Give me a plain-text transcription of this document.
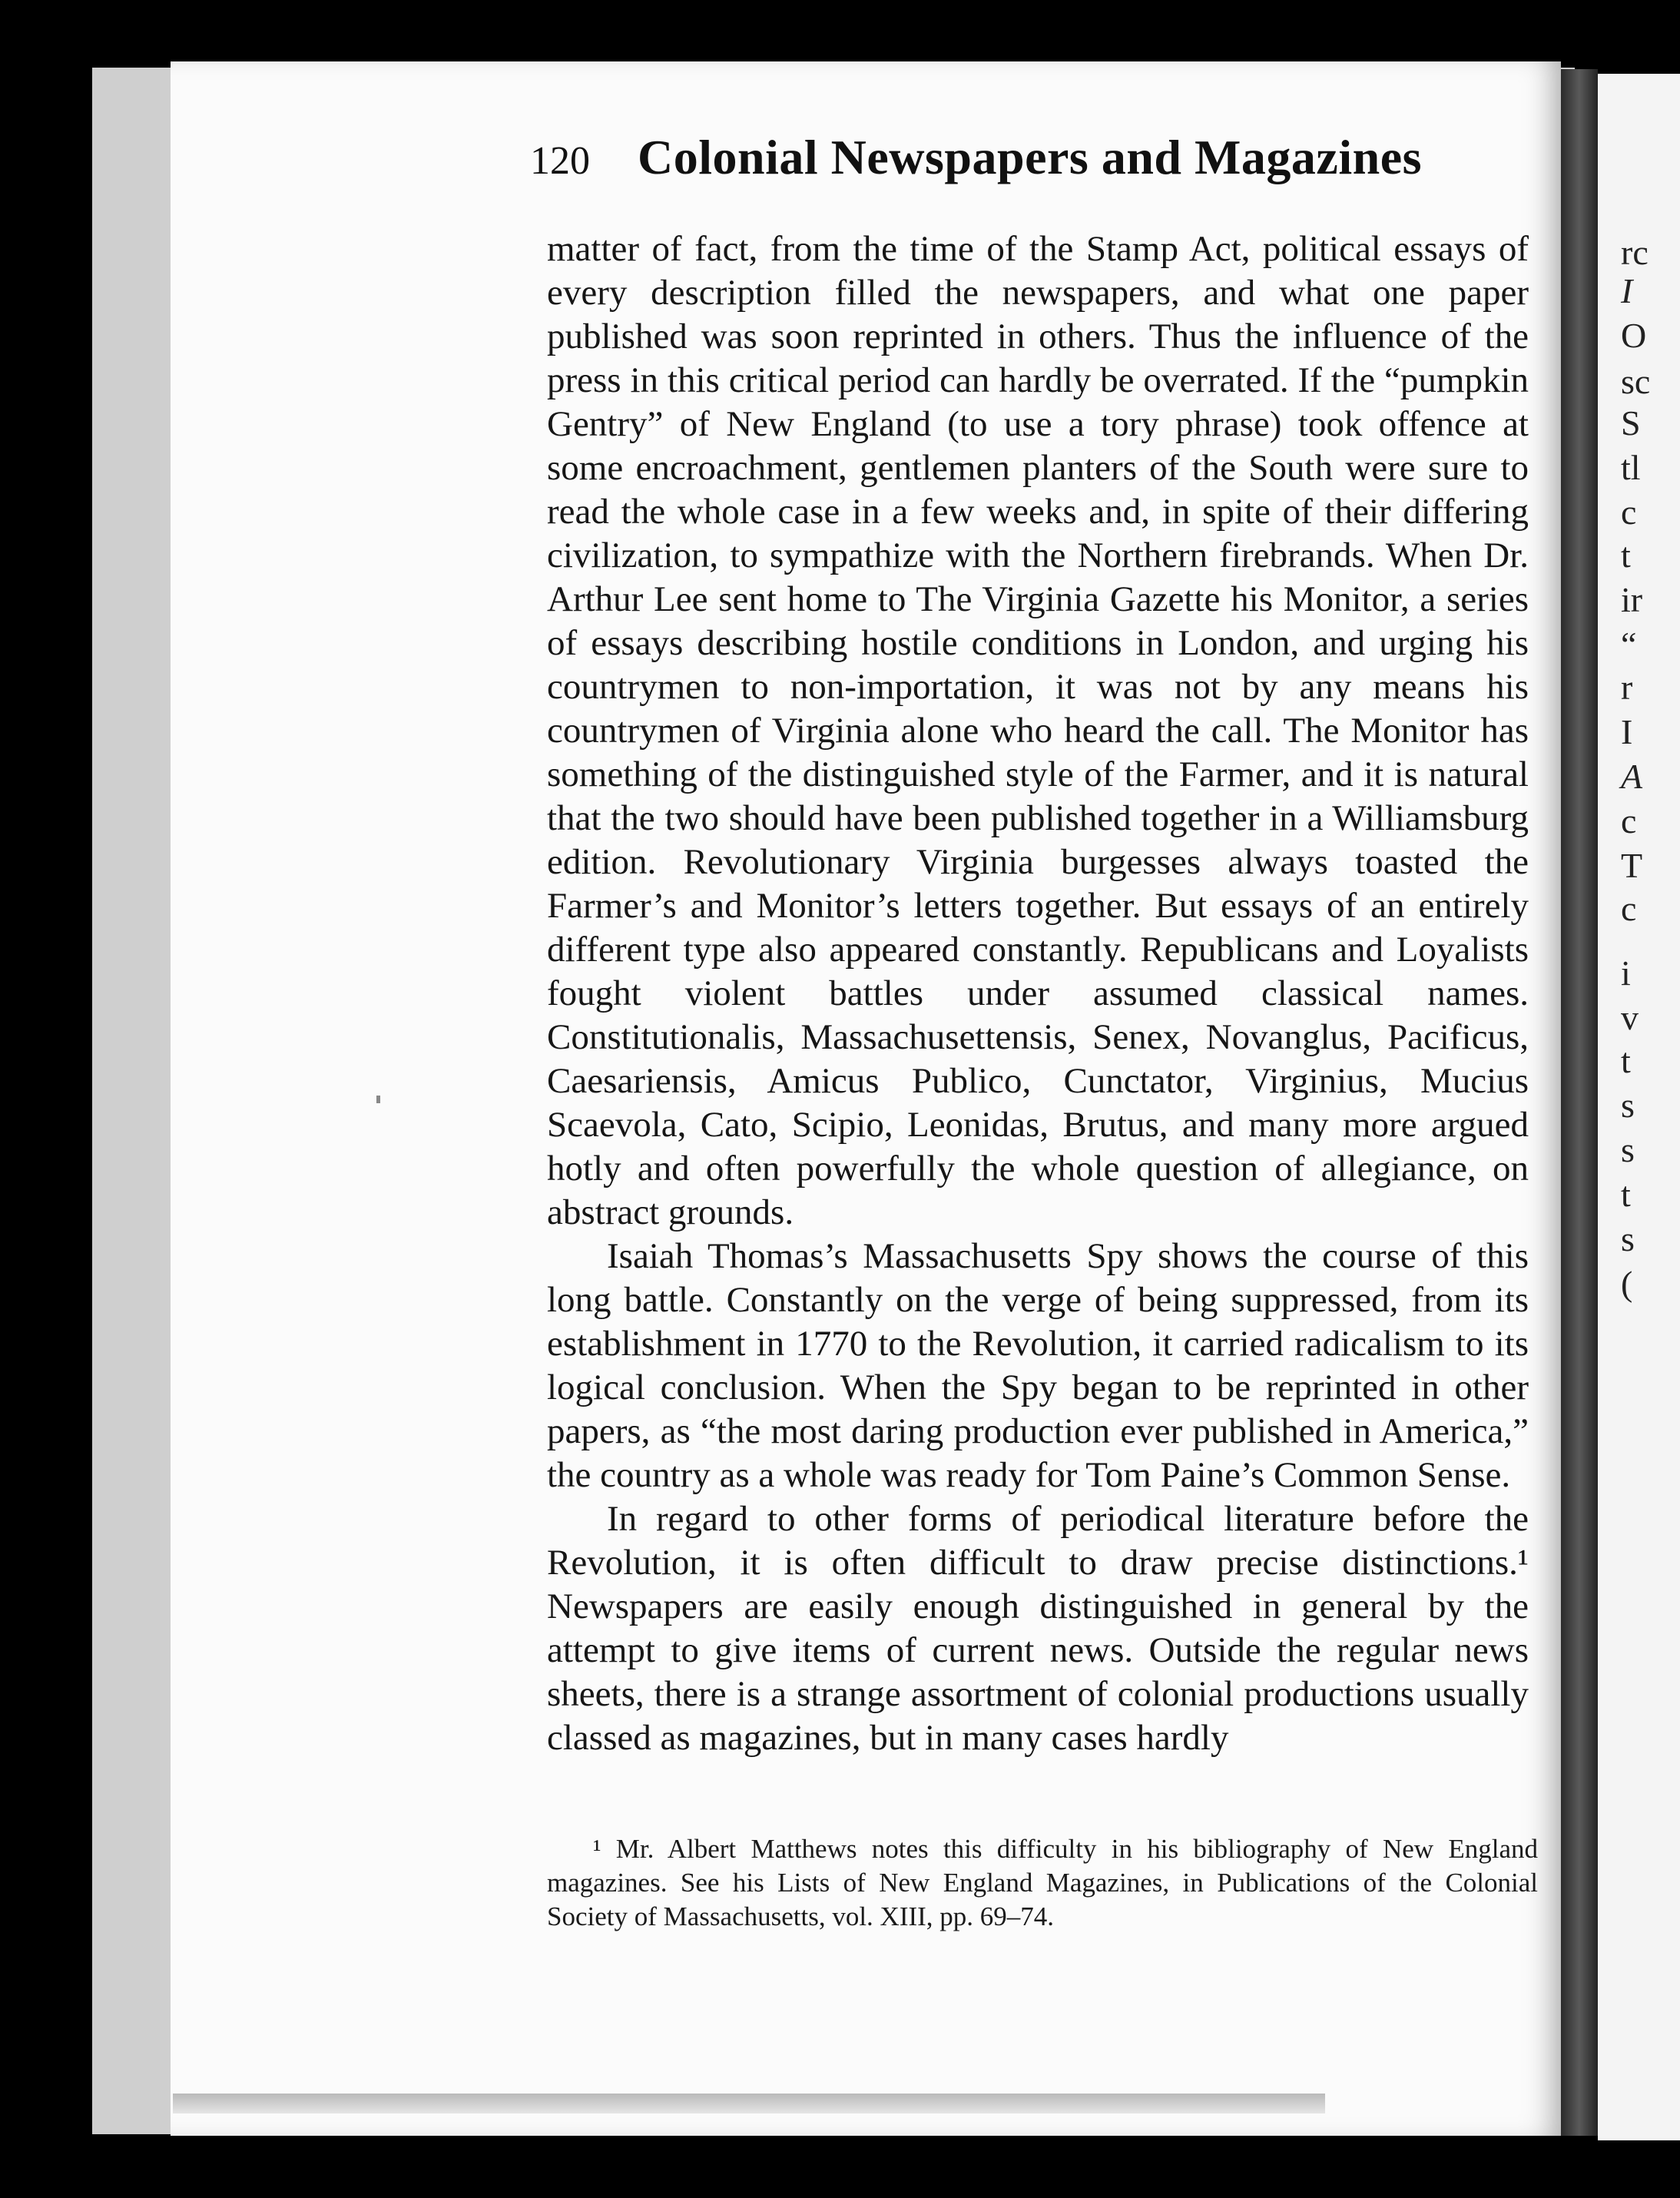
rc
I
O
sc
S
tl
c
t
ir
“
r
I
A
c
T
c
i
v
t
s
s
t
s
(
120 Colonial Newspapers and Magazines

matter of fact, from the time of the Stamp Act, political essays of every description filled the newspapers, and what one paper published was soon reprinted in others. Thus the influence of the press in this critical period can hardly be overrated. If the “pumpkin Gentry” of New England (to use a tory phrase) took offence at some encroachment, gentlemen planters of the South were sure to read the whole case in a few weeks and, in spite of their differing civilization, to sympathize with the Northern firebrands. When Dr. Arthur Lee sent home to The Virginia Gazette his Monitor, a series of essays describing hostile conditions in London, and urging his countrymen to non-importation, it was not by any means his countrymen of Virginia alone who heard the call. The Monitor has something of the distinguished style of the Farmer, and it is natural that the two should have been published together in a Williamsburg edition. Revolutionary Virginia burgesses always toasted the Farmer’s and Monitor’s letters together. But essays of an entirely different type also appeared constantly. Republicans and Loyalists fought violent battles under assumed classical names. Constitutionalis, Massachusettensis, Senex, Novanglus, Pacificus, Caesariensis, Amicus Publico, Cunctator, Virginius, Mucius Scaevola, Cato, Scipio, Leonidas, Brutus, and many more argued hotly and often powerfully the whole question of allegiance, on abstract grounds.

Isaiah Thomas’s Massachusetts Spy shows the course of this long battle. Constantly on the verge of being suppressed, from its establishment in 1770 to the Revolution, it carried radicalism to its logical conclusion. When the Spy began to be reprinted in other papers, as “the most daring production ever published in America,” the country as a whole was ready for Tom Paine’s Common Sense.

In regard to other forms of periodical literature before the Revolution, it is often difficult to draw precise distinctions.¹ Newspapers are easily enough distinguished in general by the attempt to give items of current news. Outside the regular news sheets, there is a strange assortment of colonial productions usually classed as magazines, but in many cases hardly

¹ Mr. Albert Matthews notes this difficulty in his bibliography of New England magazines. See his Lists of New England Magazines, in Publications of the Colonial Society of Massachusetts, vol. XIII, pp. 69–74.
